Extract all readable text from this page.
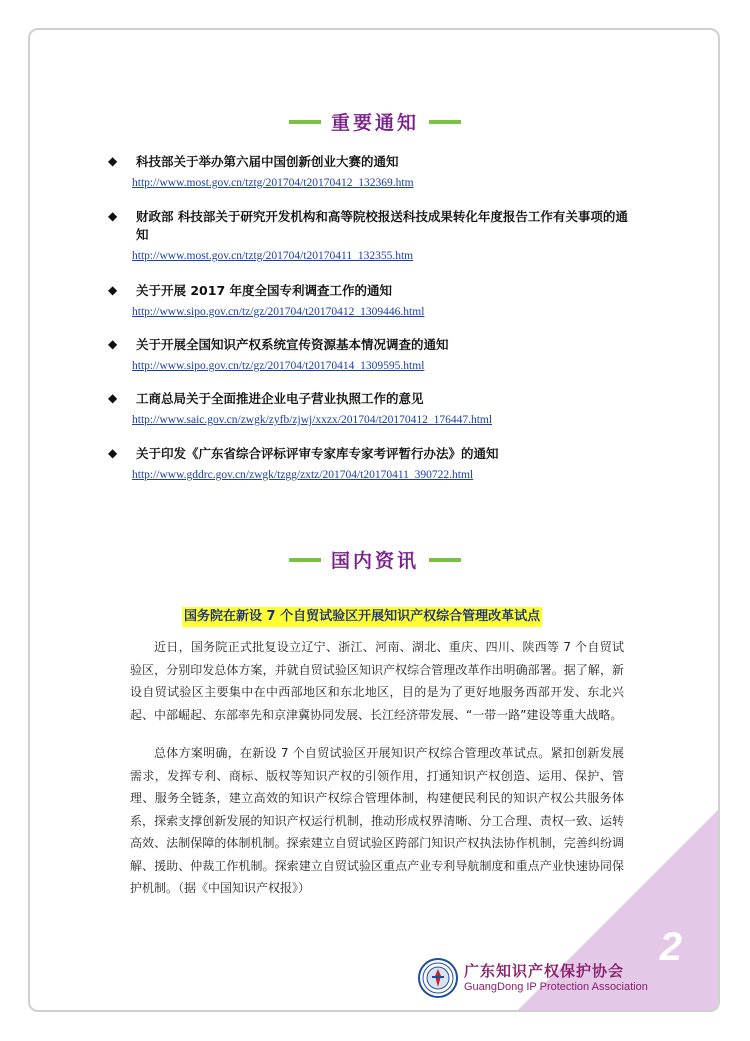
2
重要通知
◆	科技部关于举办第六届中国创新创业大赛的通知
http://www.most.gov.cn/tztg/201704/t20170412_132369.htm
◆	财政部 科技部关于研究开发机构和高等院校报送科技成果转化年度报告工作有关事项的通知
http://www.most.gov.cn/tztg/201704/t20170411_132355.htm
◆	关于开展 2017 年度全国专利调查工作的通知
http://www.sipo.gov.cn/tz/gz/201704/t20170412_1309446.html
◆	关于开展全国知识产权系统宣传资源基本情况调查的通知
http://www.sipo.gov.cn/tz/gz/201704/t20170414_1309595.html
◆	工商总局关于全面推进企业电子营业执照工作的意见
http://www.saic.gov.cn/zwgk/zyfb/zjwj/xxzx/201704/t20170412_176447.html
◆	关于印发《广东省综合评标评审专家库专家考评暂行办法》的通知
http://www.gddrc.gov.cn/zwgk/tzgg/zxtz/201704/t20170411_390722.html
国内资讯
国务院在新设 7 个自贸试验区开展知识产权综合管理改革试点

近日，国务院正式批复设立辽宁、浙江、河南、湖北、重庆、四川、陕西等 7 个自贸试验区，分别印发总体方案，并就自贸试验区知识产权综合管理改革作出明确部署。据了解，新设自贸试验区主要集中在中西部地区和东北地区，目的是为了更好地服务西部开发、东北兴起、中部崛起、东部率先和京津冀协同发展、长江经济带发展、“一带一路”建设等重大战略。

总体方案明确，在新设 7 个自贸试验区开展知识产权综合管理改革试点。紧扣创新发展需求，发挥专利、商标、版权等知识产权的引领作用，打通知识产权创造、运用、保护、管理、服务全链条，建立高效的知识产权综合管理体制，构建便民利民的知识产权公共服务体系，探索支撑创新发展的知识产权运行机制，推动形成权界清晰、分工合理、责权一致、运转高效、法制保障的体制机制。探索建立自贸试验区跨部门知识产权执法协作机制，完善纠纷调解、援助、仲裁工作机制。探索建立自贸试验区重点产业专利导航制度和重点产业快速协同保护机制。（据《中国知识产权报》）

广东知识产权保护协会
GuangDong IP Protection Association
